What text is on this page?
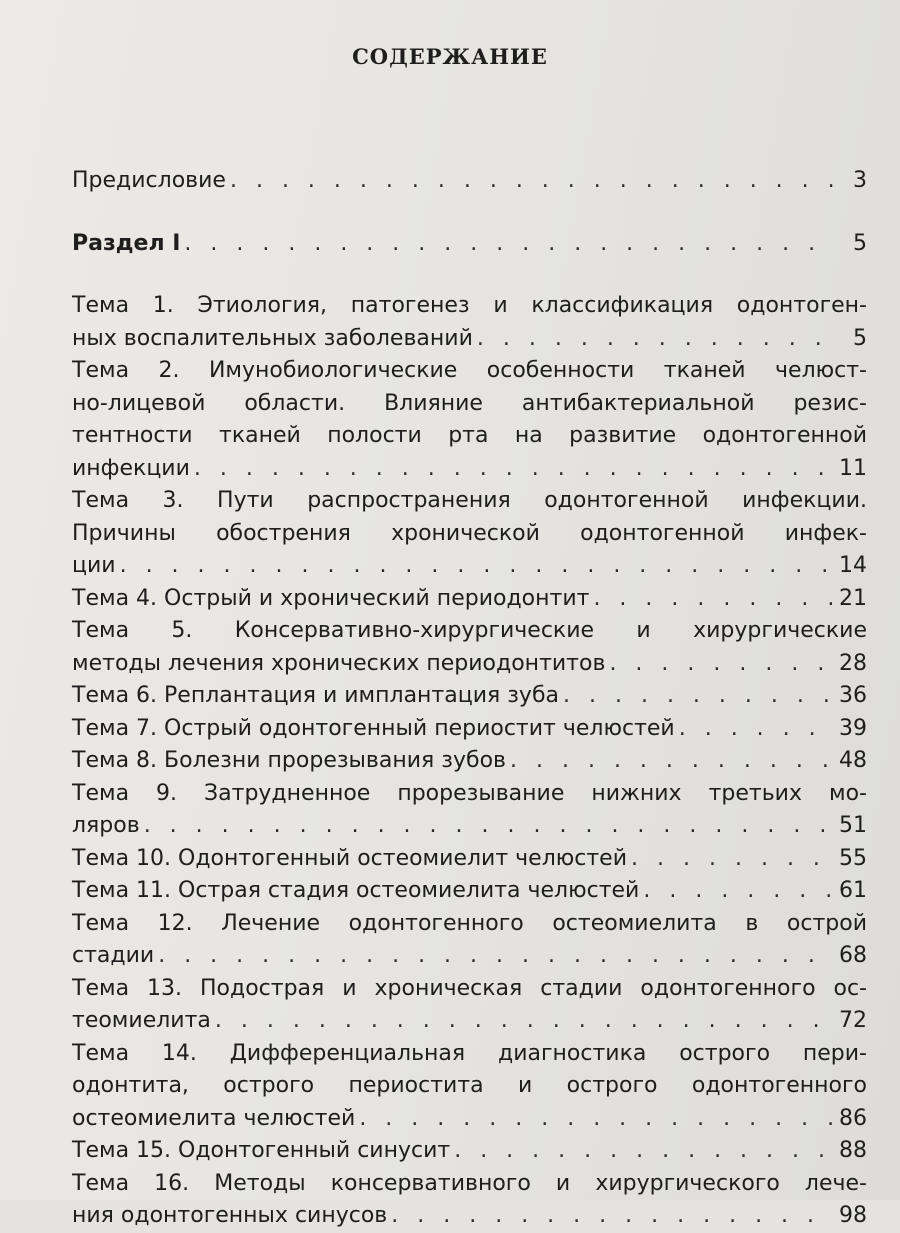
СОДЕРЖАНИЕ
Предисловие . . .	3
Раздел I . . .	5
Тема 1. Этиология, патогенез и классификация одонтоген-
ных воспалительных заболеваний . . .	5
Тема 2. Имунобиологические особенности тканей челюст-
но-лицевой области. Влияние антибактериальной резис-
тентности тканей полости рта на развитие одонтогенной
инфекции . . .	11
Тема 3. Пути распространения одонтогенной инфекции.
Причины обострения хронической одонтогенной инфек-
ции . . .	14
Тема 4. Острый и хронический периодонтит . . .	21
Тема 5. Консервативно-хирургические и хирургические
методы лечения хронических периодонтитов . . .	28
Тема 6. Реплантация и имплантация зуба . . .	36
Тема 7. Острый одонтогенный периостит челюстей . . .	39
Тема 8. Болезни прорезывания зубов . . .	48
Тема 9. Затрудненное прорезывание нижних третьих мо-
ляров . . .	51
Тема 10. Одонтогенный остеомиелит челюстей . . .	55
Тема 11. Острая стадия остеомиелита челюстей . . .	61
Тема 12. Лечение одонтогенного остеомиелита в острой
стадии . . .	68
Тема 13. Подострая и хроническая стадии одонтогенного ос-
теомиелита . . .	72
Тема 14. Дифференциальная диагностика острого пери-
одонтита, острого периостита и острого одонтогенного
остеомиелита челюстей . . .	86
Тема 15. Одонтогенный синусит . . .	88
Тема 16. Методы консервативного и хирургического лече-
ния одонтогенных синусов . . .	98
